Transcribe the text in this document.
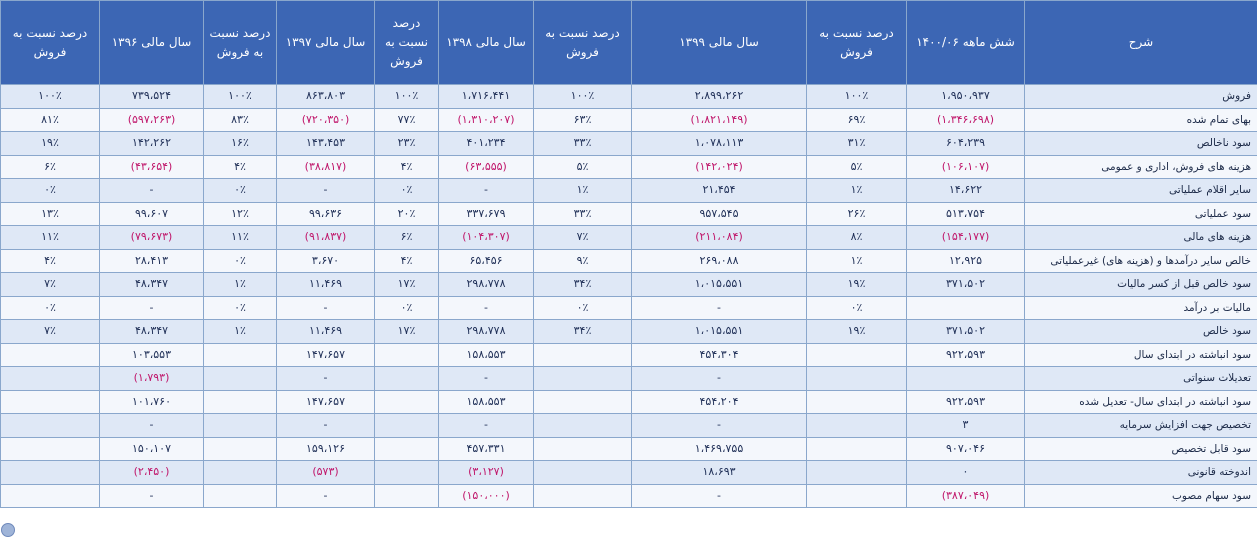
شرح	شش ماهه ۱۴۰۰/۰۶	درصد نسبت به فروش	سال مالی ۱۳۹۹	درصد نسبت به فروش	سال مالی ۱۳۹۸	درصد نسبت به فروش	سال مالی ۱۳۹۷	درصد نسبت به فروش	سال مالی ۱۳۹۶	درصد نسبت به فروش
فروش	۱،۹۵۰،۹۳۷	۱۰۰٪	۲،۸۹۹،۲۶۲	۱۰۰٪	۱،۷۱۶،۴۴۱	۱۰۰٪	۸۶۳،۸۰۳	۱۰۰٪	۷۳۹،۵۲۴	۱۰۰٪
بهای تمام شده	(۱،۳۴۶،۶۹۸)	۶۹٪	(۱،۸۲۱،۱۴۹)	۶۳٪	(۱،۳۱۰،۲۰۷)	۷۷٪	(۷۲۰،۳۵۰)	۸۳٪	(۵۹۷،۲۶۳)	۸۱٪
سود ناخالص	۶۰۴،۲۳۹	۳۱٪	۱،۰۷۸،۱۱۳	۳۳٪	۴۰۱،۲۳۴	۲۳٪	۱۴۳،۴۵۳	۱۶٪	۱۴۲،۲۶۲	۱۹٪
هزینه های فروش، اداری و عمومی	(۱۰۶،۱۰۷)	۵٪	(۱۴۲،۰۲۴)	۵٪	(۶۳،۵۵۵)	۴٪	(۳۸،۸۱۷)	۴٪	(۴۳،۶۵۴)	۶٪
سایر اقلام عملیاتی	۱۴،۶۲۲	۱٪	۲۱،۴۵۴	۱٪	-	۰٪	-	۰٪	-	۰٪
سود عملیاتی	۵۱۳،۷۵۴	۲۶٪	۹۵۷،۵۴۵	۳۳٪	۳۳۷،۶۷۹	۲۰٪	۹۹،۶۳۶	۱۲٪	۹۹،۶۰۷	۱۳٪
هزینه های مالی	(۱۵۴،۱۷۷)	۸٪	(۲۱۱،۰۸۴)	۷٪	(۱۰۴،۳۰۷)	۶٪	(۹۱،۸۳۷)	۱۱٪	(۷۹،۶۷۳)	۱۱٪
خالص سایر درآمدها و (هزینه های) غیرعملیاتی	۱۲،۹۲۵	۱٪	۲۶۹،۰۸۸	۹٪	۶۵،۴۵۶	۴٪	۳،۶۷۰	۰٪	۲۸،۴۱۳	۴٪
سود خالص قبل از کسر مالیات	۳۷۱،۵۰۲	۱۹٪	۱،۰۱۵،۵۵۱	۳۴٪	۲۹۸،۷۷۸	۱۷٪	۱۱،۴۶۹	۱٪	۴۸،۳۴۷	۷٪
مالیات بر درآمد		۰٪	-	۰٪	-	۰٪	-	۰٪	-	۰٪
سود خالص	۳۷۱،۵۰۲	۱۹٪	۱،۰۱۵،۵۵۱	۳۴٪	۲۹۸،۷۷۸	۱۷٪	۱۱،۴۶۹	۱٪	۴۸،۳۴۷	۷٪
سود انباشته در ابتدای سال	۹۲۲،۵۹۳		۴۵۴،۳۰۴		۱۵۸،۵۵۳		۱۴۷،۶۵۷		۱۰۳،۵۵۳	
تعدیلات سنواتی			-		-		-		(۱،۷۹۳)	
سود انباشته در ابتدای سال- تعدیل شده	۹۲۲،۵۹۳		۴۵۴،۲۰۴		۱۵۸،۵۵۳		۱۴۷،۶۵۷		۱۰۱،۷۶۰	
تخصیص جهت افزایش سرمایه	۳		-		-		-		-	
سود قابل تخصیص	۹۰۷،۰۴۶		۱،۴۶۹،۷۵۵		۴۵۷،۳۳۱		۱۵۹،۱۲۶		۱۵۰،۱۰۷	
اندوخته قانونی	۰		۱۸،۶۹۳		(۳،۱۲۷)		(۵۷۳)		(۲،۴۵۰)	
سود سهام مصوب	(۳۸۷،۰۴۹)		-		(۱۵۰،۰۰۰)		-		-	
